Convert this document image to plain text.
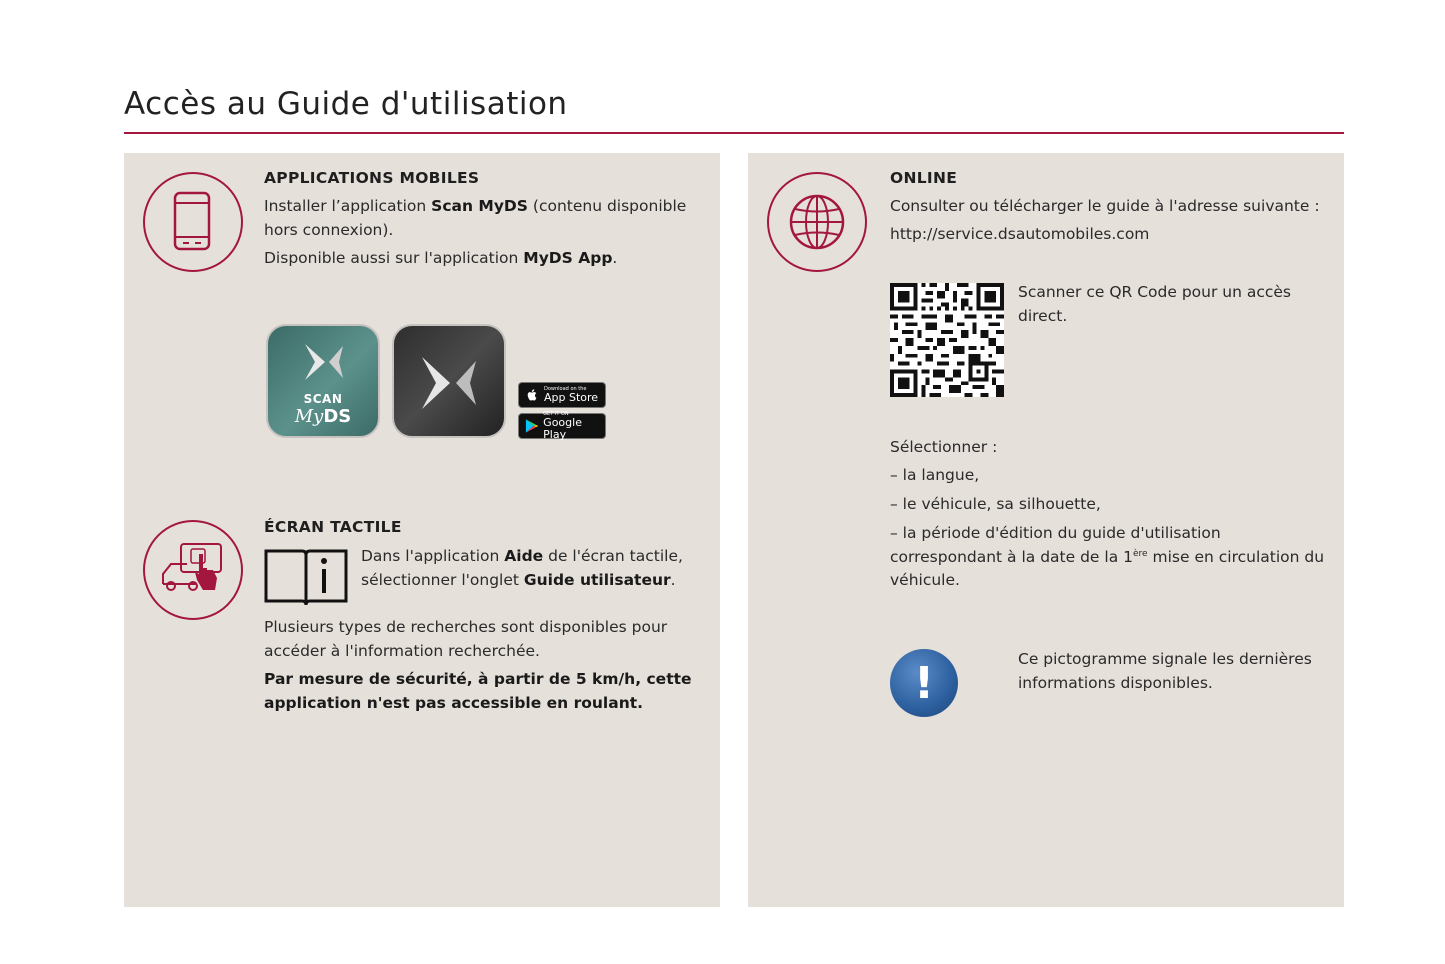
Accès au Guide d'utilisation
APPLICATIONS MOBILES
Installer l’application Scan MyDS (contenu disponible hors connexion).
Disponible aussi sur l'application MyDS App.
SCAN
MyDS
Download on the
App Store
GET IT ON
Google Play
ÉCRAN TACTILE
Dans l'application Aide de l'écran tactile, sélectionner l'onglet Guide utilisateur.
Plusieurs types de recherches sont disponibles pour accéder à l'information recherchée.
Par mesure de sécurité, à partir de 5 km/h, cette application n'est pas accessible en roulant.
ONLINE
Consulter ou télécharger le guide à l'adresse suivante :
http://service.dsautomobiles.com
Scanner ce QR Code pour un accès direct.
Sélectionner :
– la langue,
– le véhicule, sa silhouette,
– la période d'édition du guide d'utilisation correspondant à la date de la 1ère mise en circulation du véhicule.
!	Ce pictogramme signale les dernières informations disponibles.
